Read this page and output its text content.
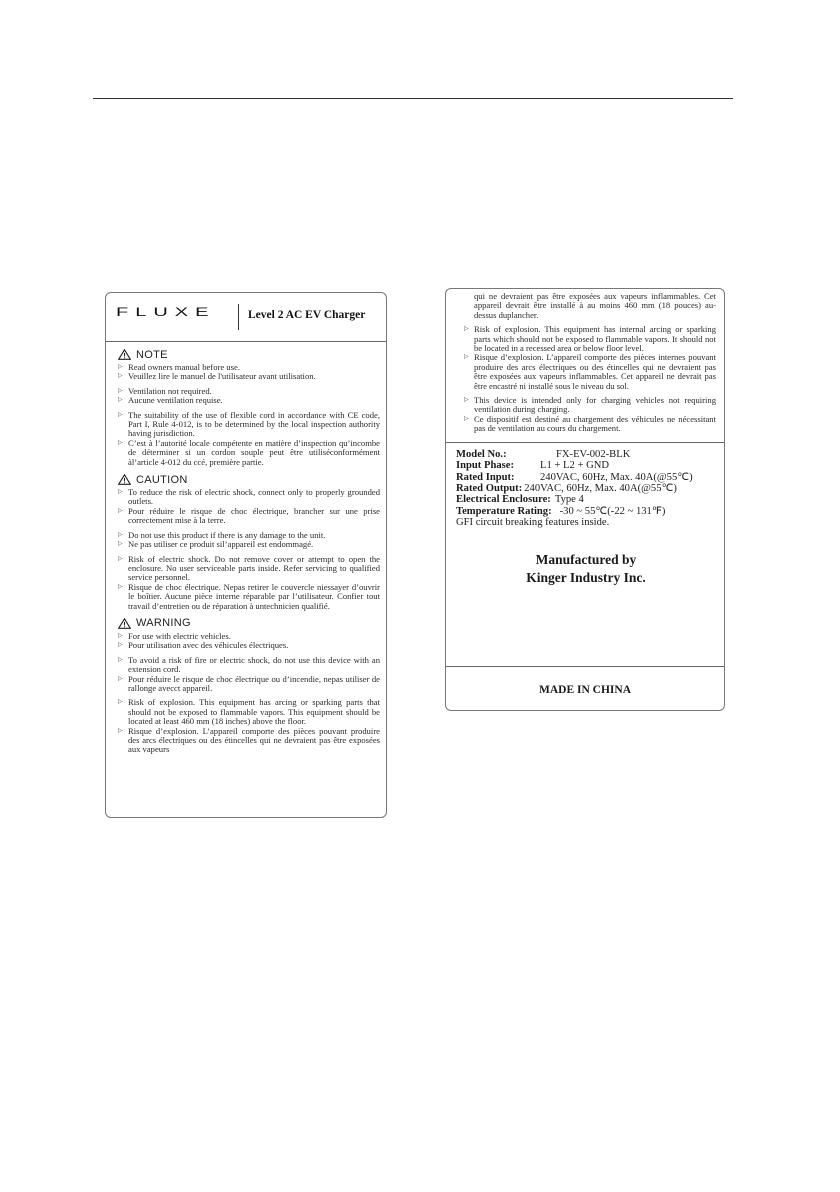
FLUXE	Level 2 AC EV Charger
NOTE
▷ Read owners manual before use.
▷ Veuillez lire le manuel de l'utilisateur avant utilisation.
▷ Ventilation not required.
▷ Aucune ventilation requise.
▷ The suitability of the use of flexible cord in accordance with CE code, Part I, Rule 4-012, is to be determined by the local inspection authority having jurisdiction.
▷ C’est à l’autorité locale compétente en matière d’inspection qu’incombe de déterminer si un cordon souple peut être utiliséconformément àl’article 4-012 du ccé, première partie.
CAUTION
▷ To reduce the risk of electric shock, connect only to properly grounded outlets.
▷ Pour réduire le risque de choc électrique, brancher sur une prise correctement mise à la terre.
▷ Do not use this product if there is any damage to the unit.
▷ Ne pas utiliser ce produit sil’appareil est endommagé.
▷ Risk of electric shock. Do not remove cover or attempt to open the enclosure. No user serviceable parts inside. Refer servicing to qualified service personnel.
▷ Risque de choc électrique. Nepas retirer le couvercle niessayer d’ouvrir le boîtier. Aucune pièce interne réparable par l’utilisateur. Confier tout travail d’entretien ou de réparation à untechnicien qualifié.
WARNING
▷ For use with electric vehicles.
▷ Pour utilisation avec des véhicules électriques.
▷ To avoid a risk of fire or electric shock, do not use this device with an extension cord.
▷ Pour réduire le risque de choc électrique ou d’incendie, nepas utiliser de rallonge avecct appareil.
▷ Risk of explosion. This equipment has arcing or sparking parts that should not be exposed to flammable vapors. This equipment should be located at least 460 mm (18 inches) above the floor.
▷ Risque d’explosion. L’appareil comporte des pièces pouvant produire des arcs électriques ou des étincelles qui ne devraient pas être exposées aux vapeurs
qui ne devraient pas être exposées aux vapeurs inflammables. Cet appareil devrait être installé à au moins 460 mm (18 pouces) au-dessus duplancher.
▷ Risk of explosion. This equipment has internal arcing or sparking parts which should not be exposed to flammable vapors. It should not be located in a recessed area or below floor level.
▷ Risque d’explosion. L’appareil comporte des pièces internes pouvant produire des arcs électriques ou des étincelles qui ne devraient pas être exposées aux vapeurs inflammables. Cet appareil ne devrait pas être encastré ni installé sous le niveau du sol.
▷ This device is intended only for charging vehicles not requiring ventilation during charging.
▷ Ce dispositif est destiné au chargement des véhicules ne nécessitant pas de ventilation au cours du chargement.
Model No.:	FX-EV-002-BLK
Input Phase:	L1 + L2 + GND
Rated Input:	240VAC, 60Hz, Max. 40A(@55℃)
Rated Output: 240VAC, 60Hz, Max. 40A(@55℃)
Electrical Enclosure: Type 4
Temperature Rating: -30 ~ 55℃(-22 ~ 131℉)
GFI circuit breaking features inside.
Manufactured by
Kinger Industry Inc.
MADE IN CHINA
